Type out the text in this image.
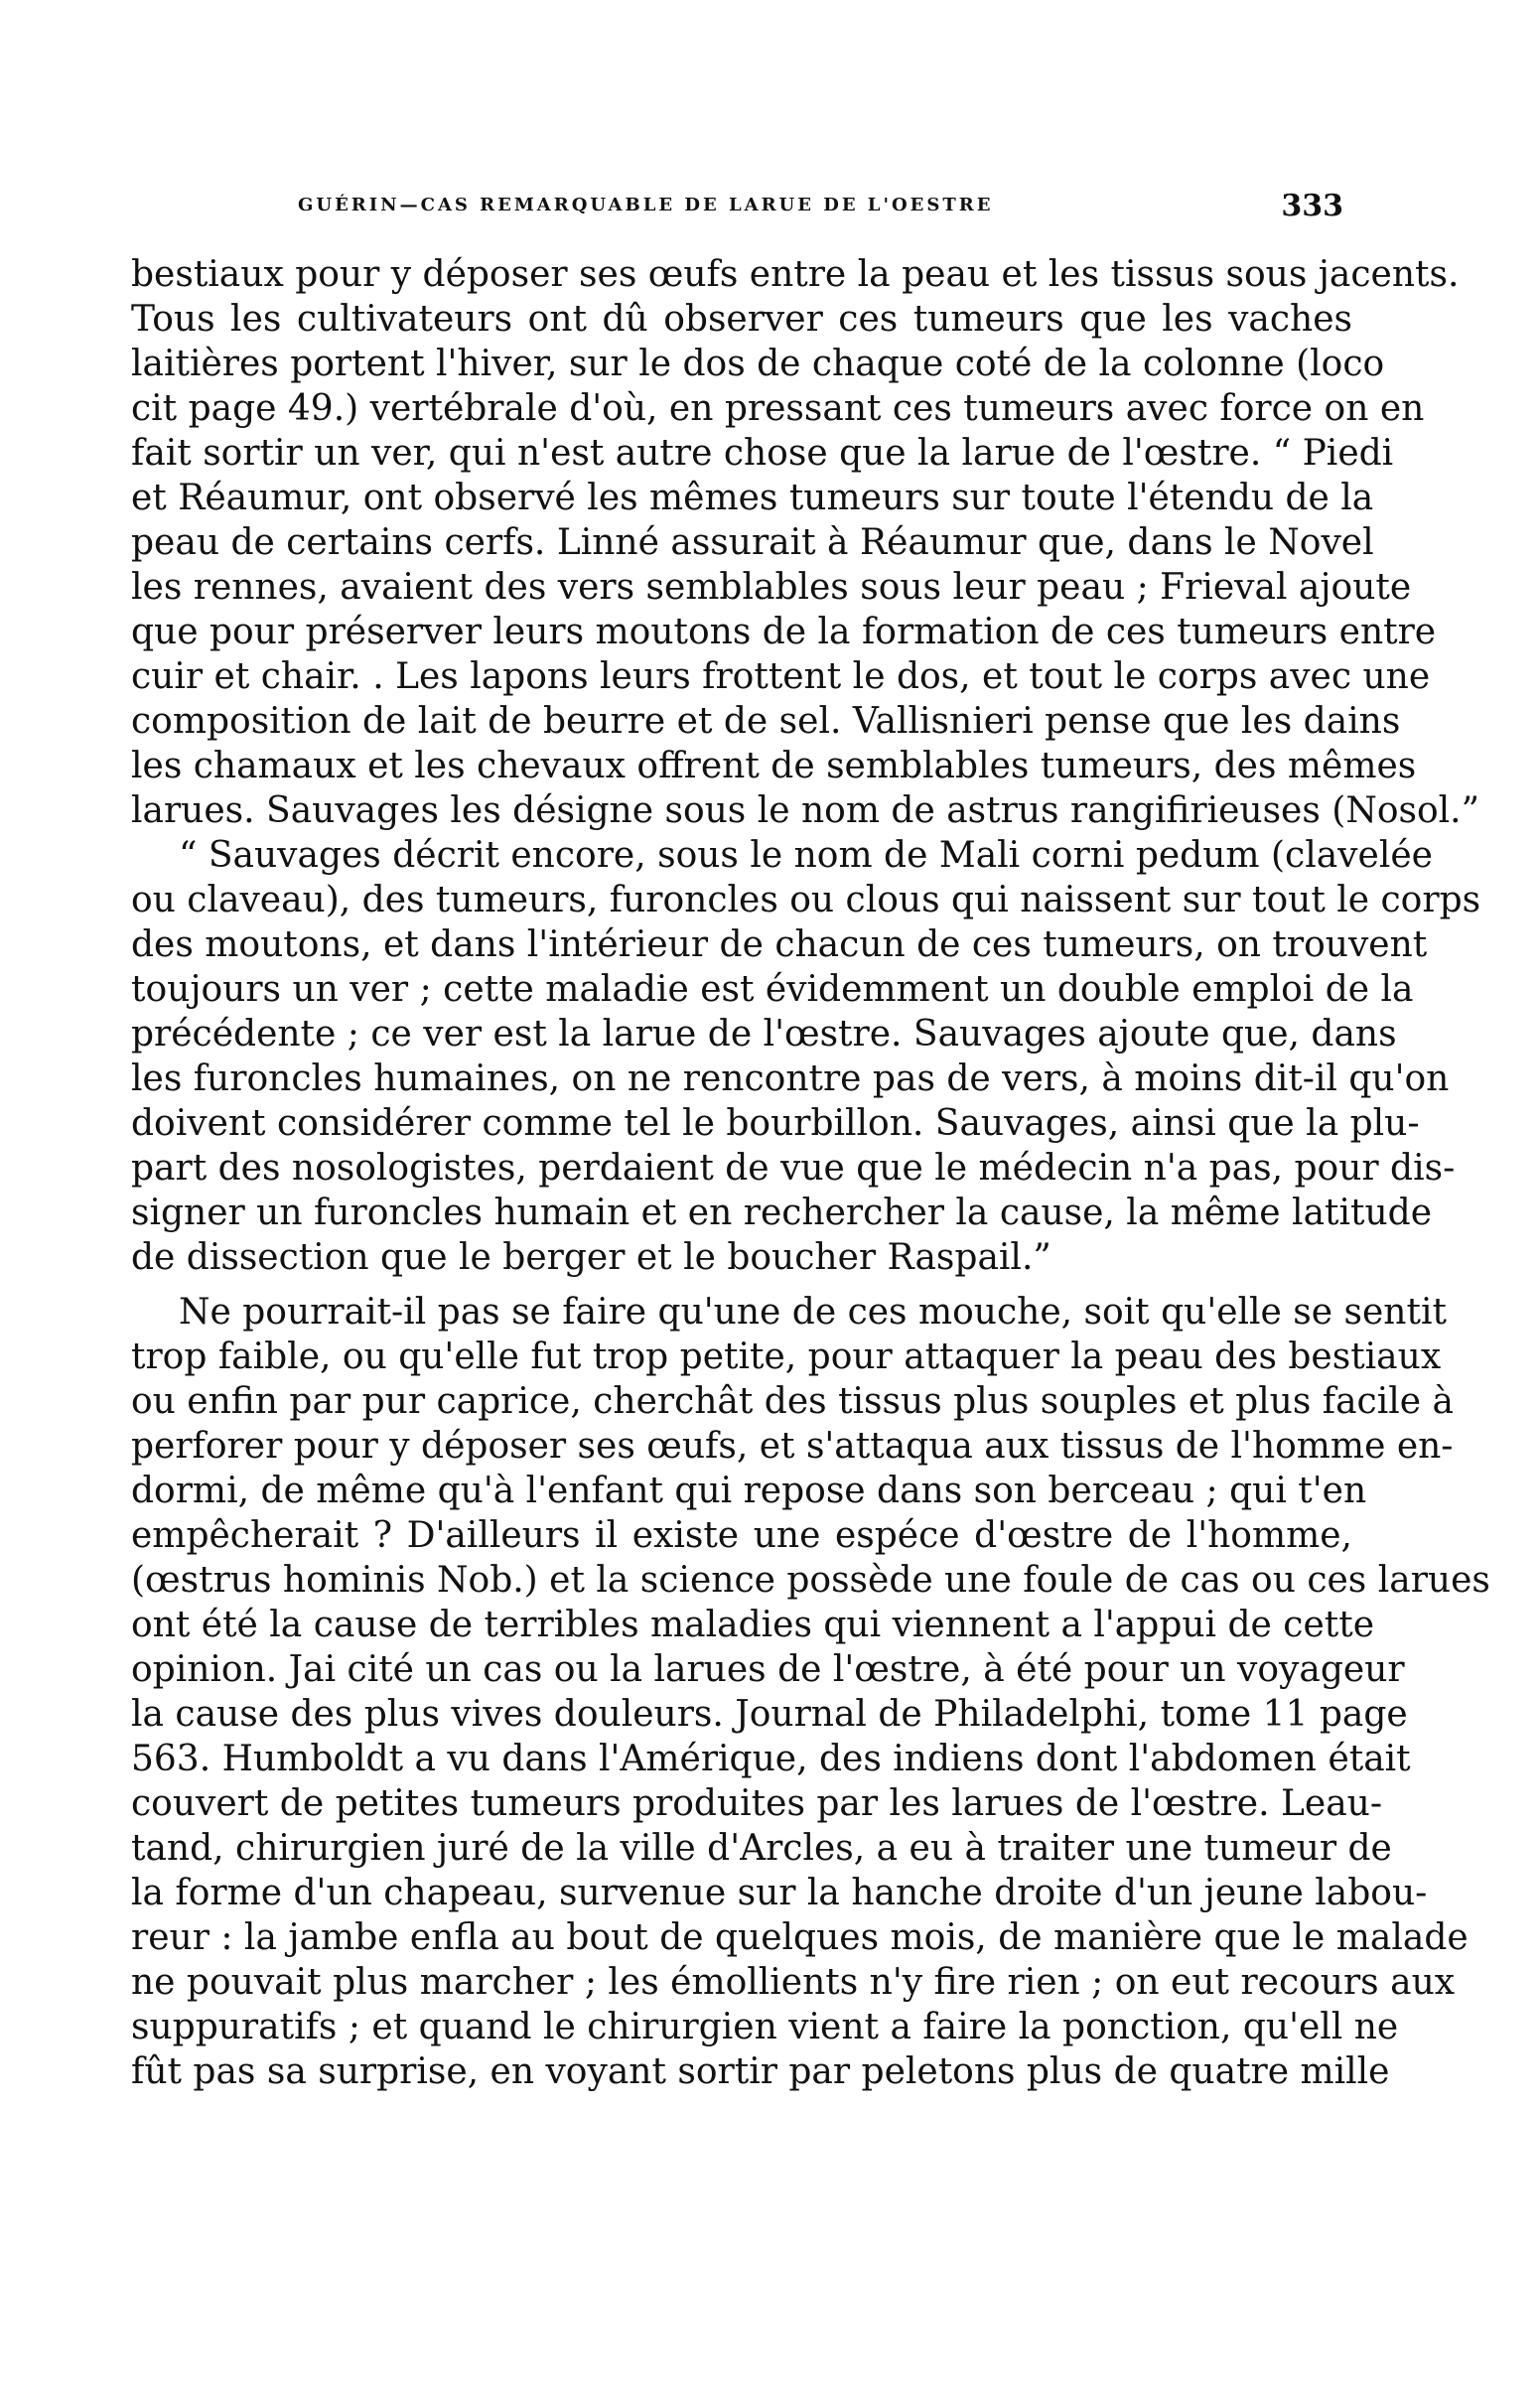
GUÉRIN—CAS REMARQUABLE DE LARUE DE L'OESTRE	333
bestiaux pour y déposer ses œufs entre la peau et les tissus sous jacents.
Tous les cultivateurs ont dû observer ces tumeurs que les vaches
laitières portent l'hiver, sur le dos de chaque coté de la colonne (loco
cit page 49.) vertébrale d'où, en pressant ces tumeurs avec force on en
fait sortir un ver, qui n'est autre chose que la larue de l'œstre. “ Piedi
et Réaumur, ont observé les mêmes tumeurs sur toute l'étendu de la
peau de certains cerfs. Linné assurait à Réaumur que, dans le Novel
les rennes, avaient des vers semblables sous leur peau ; Frieval ajoute
que pour préserver leurs moutons de la formation de ces tumeurs entre
cuir et chair. . Les lapons leurs frottent le dos, et tout le corps avec une
composition de lait de beurre et de sel. Vallisnieri pense que les dains
les chamaux et les chevaux offrent de semblables tumeurs, des mêmes
larues. Sauvages les désigne sous le nom de astrus rangifirieuses (Nosol.”
“ Sauvages décrit encore, sous le nom de Mali corni pedum (clavelée
ou claveau), des tumeurs, furoncles ou clous qui naissent sur tout le corps
des moutons, et dans l'intérieur de chacun de ces tumeurs, on trouvent
toujours un ver ; cette maladie est évidemment un double emploi de la
précédente ; ce ver est la larue de l'œstre. Sauvages ajoute que, dans
les furoncles humaines, on ne rencontre pas de vers, à moins dit-il qu'on
doivent considérer comme tel le bourbillon. Sauvages, ainsi que la plu-
part des nosologistes, perdaient de vue que le médecin n'a pas, pour dis-
signer un furoncles humain et en rechercher la cause, la même latitude
de dissection que le berger et le boucher Raspail.”
Ne pourrait-il pas se faire qu'une de ces mouche, soit qu'elle se sentit
trop faible, ou qu'elle fut trop petite, pour attaquer la peau des bestiaux
ou enfin par pur caprice, cherchât des tissus plus souples et plus facile à
perforer pour y déposer ses œufs, et s'attaqua aux tissus de l'homme en-
dormi, de même qu'à l'enfant qui repose dans son berceau ; qui t'en
empêcherait ? D'ailleurs il existe une espéce d'œstre de l'homme,
(œstrus hominis Nob.) et la science possède une foule de cas ou ces larues
ont été la cause de terribles maladies qui viennent a l'appui de cette
opinion. Jai cité un cas ou la larues de l'œstre, à été pour un voyageur
la cause des plus vives douleurs. Journal de Philadelphi, tome 11 page
563. Humboldt a vu dans l'Amérique, des indiens dont l'abdomen était
couvert de petites tumeurs produites par les larues de l'œstre. Leau-
tand, chirurgien juré de la ville d'Arcles, a eu à traiter une tumeur de
la forme d'un chapeau, survenue sur la hanche droite d'un jeune labou-
reur : la jambe enfla au bout de quelques mois, de manière que le malade
ne pouvait plus marcher ; les émollients n'y fire rien ; on eut recours aux
suppuratifs ; et quand le chirurgien vient a faire la ponction, qu'ell ne
fût pas sa surprise, en voyant sortir par peletons plus de quatre mille
